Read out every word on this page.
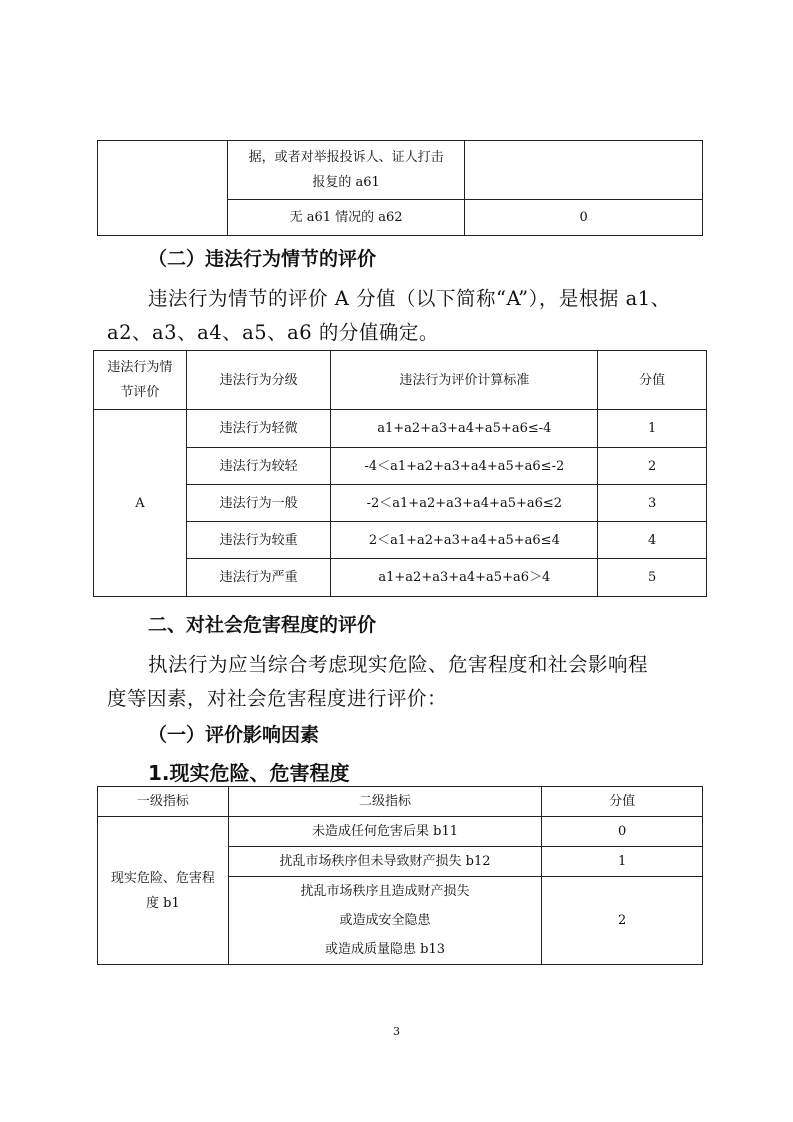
	据，或者对举报投诉人、证人打击
报复的 a61	

	无 a61 情况的 a62	0
（二）违法行为情节的评价
违法行为情节的评价 A 分值（以下简称“A”），是根据 a1、
a2、a3、a4、a5、a6 的分值确定。
违法行为情
节评价	违法行为分级	违法行为评价计算标准	分值
A	违法行为轻微	a1+a2+a3+a4+a5+a6≤-4	1
	违法行为较轻	-4＜a1+a2+a3+a4+a5+a6≤-2	2
	违法行为一般	-2＜a1+a2+a3+a4+a5+a6≤2	3
	违法行为较重	2＜a1+a2+a3+a4+a5+a6≤4	4
	违法行为严重	a1+a2+a3+a4+a5+a6＞4	5
二、对社会危害程度的评价
执法行为应当综合考虑现实危险、危害程度和社会影响程
度等因素，对社会危害程度进行评价：
（一）评价影响因素
1.现实危险、危害程度
一级指标	二级指标	分值

现实危险、危害程
度 b1	未造成任何危害后果 b11	0
	扰乱市场秩序但未导致财产损失 b12	1

	扰乱市场秩序且造成财产损失
或造成安全隐患
或造成质量隐患 b13	2
3
